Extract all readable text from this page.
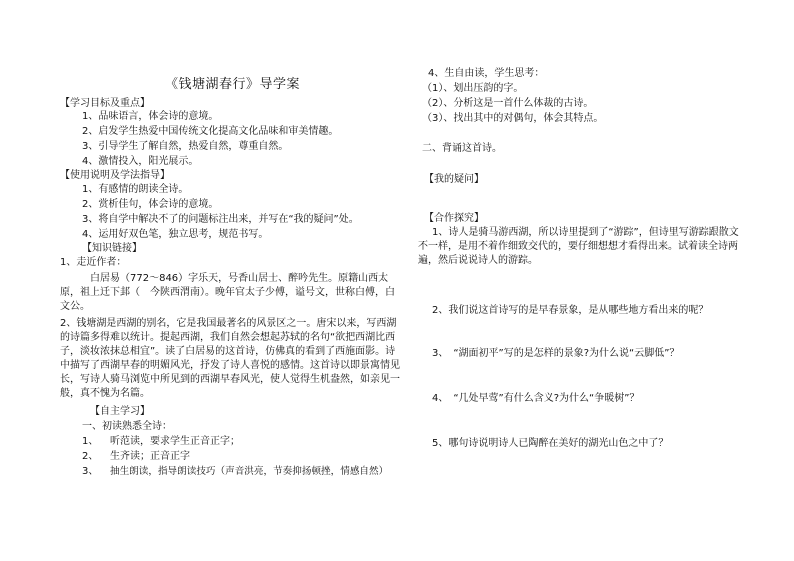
《钱塘湖春行》导学案
【学习目标及重点】
1、品味语言，体会诗的意境。
2、启发学生热爱中国传统文化提高文化品味和审美情趣。
3、引导学生了解自然，热爱自然，尊重自然。
4、激情投入，阳光展示。
【使用说明及学法指导】
1、有感情的朗读全诗。
2、赏析佳句，体会诗的意境。
3、将自学中解决不了的问题标注出来，并写在“我的疑问”处。
4、运用好双色笔，独立思考，规范书写。
【知识链接】
1、走近作者：
白居易（772～846）字乐天，号香山居士、醉吟先生。原籍山西太原，祖上迁下邽（　今陕西渭南）。晚年官太子少傅，谥号文，世称白傅，白文公。
2、钱塘湖是西湖的别名，它是我国最著名的风景区之一。唐宋以来，写西湖的诗篇多得难以统计。提起西湖，我们自然会想起苏轼的名句“欲把西湖比西子，淡妆浓抹总相宜”。读了白居易的这首诗，仿佛真的看到了西施面影。诗中描写了西湖早春的明媚风光，抒发了诗人喜悦的感情。这首诗以即景寓情见长，写诗人骑马浏览中所见到的西湖早春风光，使人觉得生机盎然，如亲见一般，真不愧为名篇。
【自主学习】
一、初读熟悉全诗：
1、 听范读，要求学生正音正字；
2、 生齐读；正音正字
3、 抽生朗读，指导朗读技巧（声音洪亮，节奏抑扬顿挫，情感自然）
4、生自由读，学生思考：
（1）、划出压韵的字。
（2）、分析这是一首什么体裁的古诗。
（3）、找出其中的对偶句，体会其特点。
二、背诵这首诗。
【我的疑问】
【合作探究】
1、诗人是骑马游西湖，所以诗里提到了“游踪”，但诗里写游踪跟散文不一样，是用不着作细致交代的，要仔细想想才看得出来。试着读全诗两遍，然后说说诗人的游踪。
2、我们说这首诗写的是早春景象，是从哪些地方看出来的呢？
3、　“湖面初平”写的是怎样的景象?为什么说“云脚低”？
4、　“几处早莺”有什么含义?为什么“争暖树”？
5、哪句诗说明诗人已陶醉在美好的湖光山色之中了？
